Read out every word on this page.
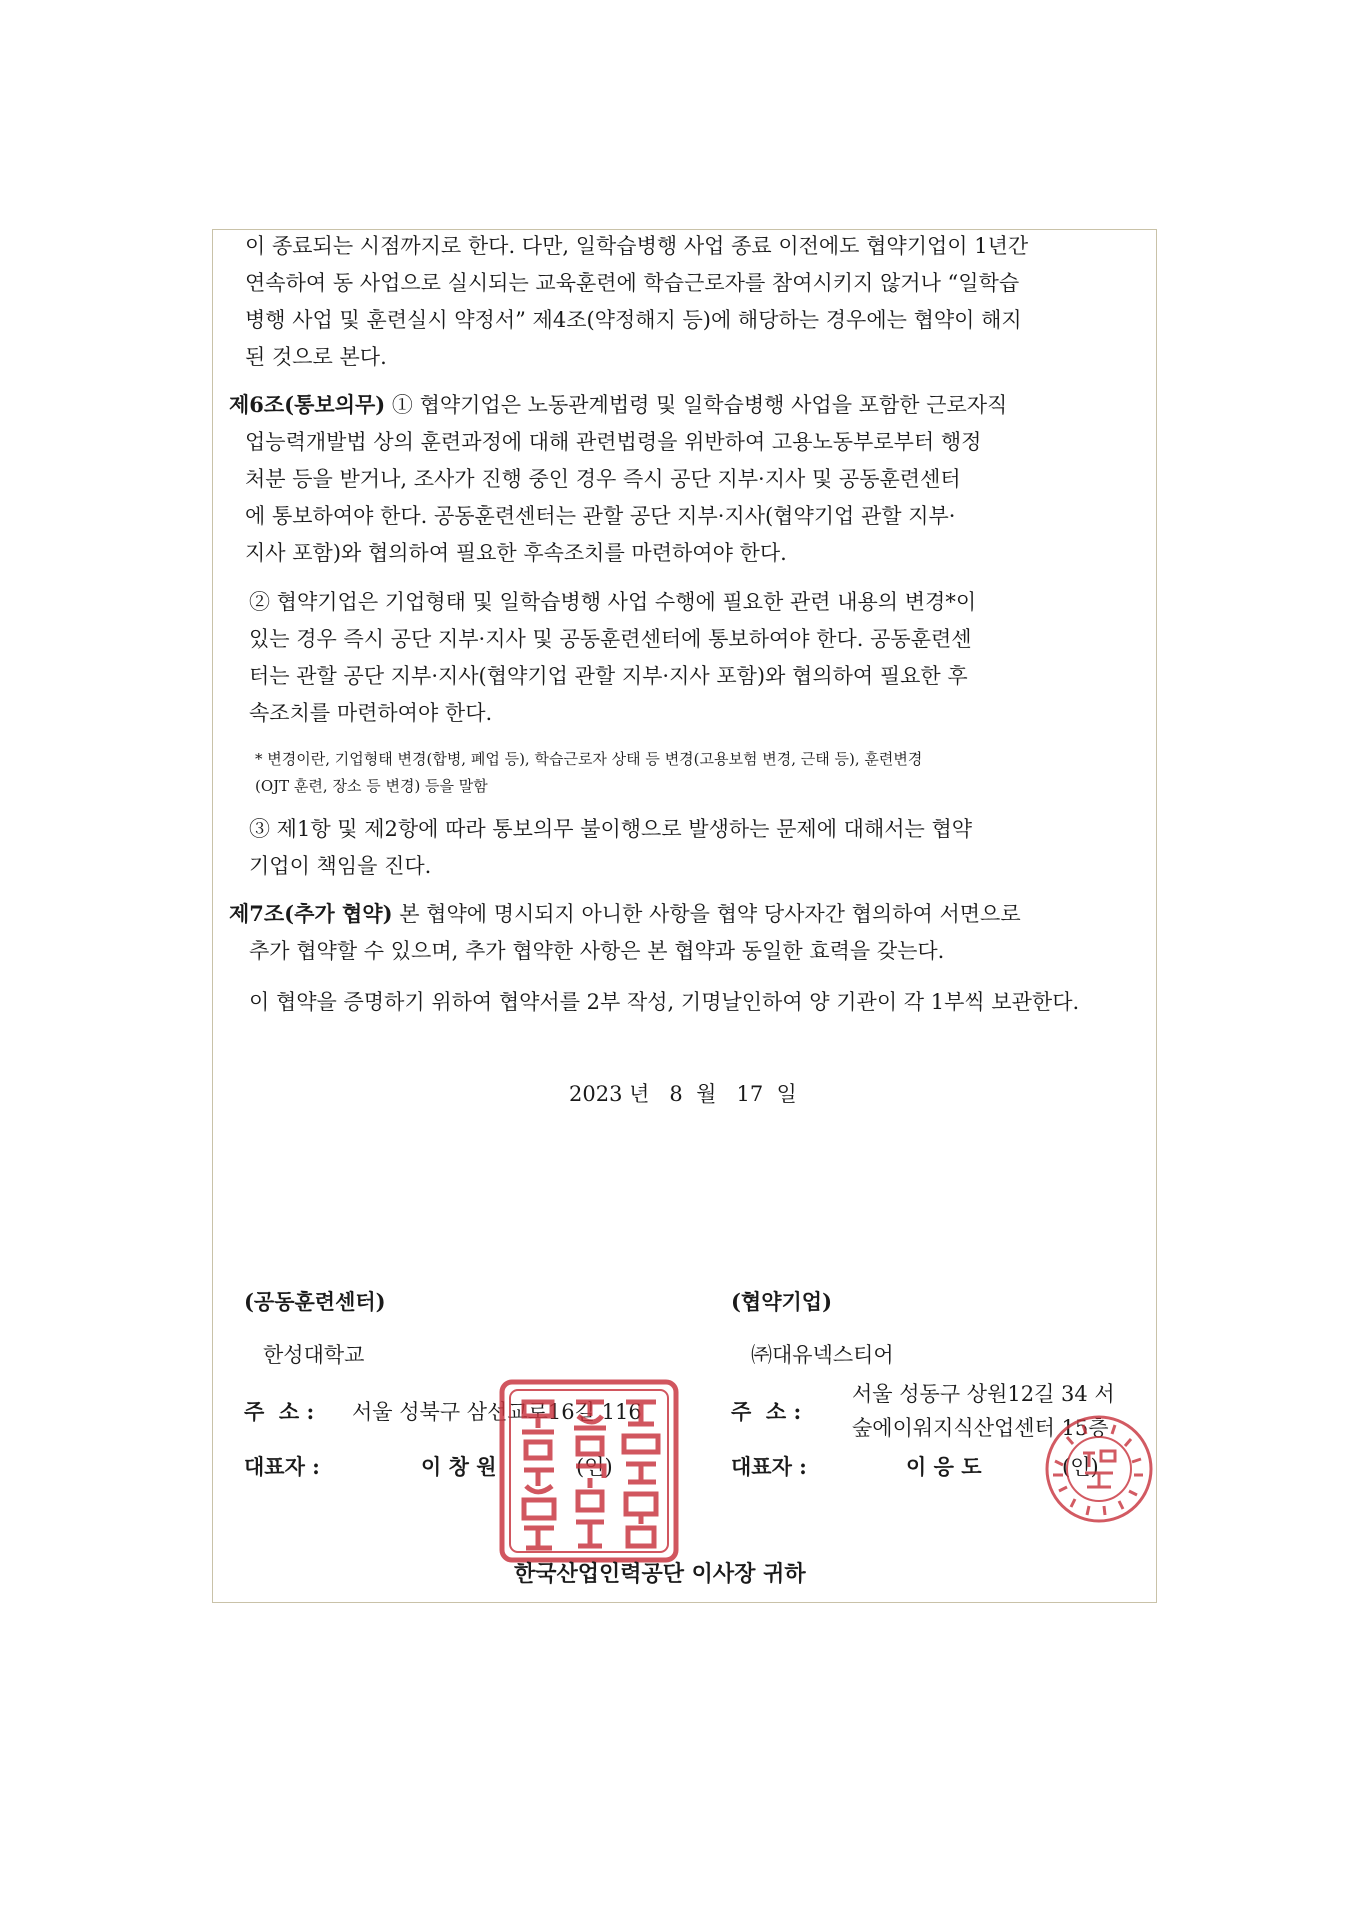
이 종료되는 시점까지로 한다. 다만, 일학습병행 사업 종료 이전에도 협약기업이 1년간
연속하여 동 사업으로 실시되는 교육훈련에 학습근로자를 참여시키지 않거나 “일학습
병행 사업 및 훈련실시 약정서” 제4조(약정해지 등)에 해당하는 경우에는 협약이 해지
된 것으로 본다.
제6조(통보의무) ① 협약기업은 노동관계법령 및 일학습병행 사업을 포함한 근로자직
업능력개발법 상의 훈련과정에 대해 관련법령을 위반하여 고용노동부로부터 행정
처분 등을 받거나, 조사가 진행 중인 경우 즉시 공단 지부·지사 및 공동훈련센터
에 통보하여야 한다. 공동훈련센터는 관할 공단 지부·지사(협약기업 관할 지부·
지사 포함)와 협의하여 필요한 후속조치를 마련하여야 한다.
② 협약기업은 기업형태 및 일학습병행 사업 수행에 필요한 관련 내용의 변경*이
있는 경우 즉시 공단 지부·지사 및 공동훈련센터에 통보하여야 한다. 공동훈련센
터는 관할 공단 지부·지사(협약기업 관할 지부·지사 포함)와 협의하여 필요한 후
속조치를 마련하여야 한다.
* 변경이란, 기업형태 변경(합병, 폐업 등), 학습근로자 상태 등 변경(고용보험 변경, 근태 등), 훈련변경
(OJT 훈련, 장소 등 변경) 등을 말함
③ 제1항 및 제2항에 따라 통보의무 불이행으로 발생하는 문제에 대해서는 협약
기업이 책임을 진다.
제7조(추가 협약) 본 협약에 명시되지 아니한 사항을 협약 당사자간 협의하여 서면으로
추가 협약할 수 있으며, 추가 협약한 사항은 본 협약과 동일한 효력을 갖는다.
이 협약을 증명하기 위하여 협약서를 2부 작성, 기명날인하여 양 기관이 각 1부씩 보관한다.
2023 년   8  월   17  일
(공동훈련센터)
한성대학교
주  소 : 서울 성북구 삼선교로16길 116
대표자 :	이 창 원	(인)
(협약기업)
㈜대유넥스티어
주  소 :
서울 성동구 상원12길 34 서
숲에이워지식산업센터 15층
대표자 :	이 응 도	(인)
한국산업인력공단 이사장 귀하
